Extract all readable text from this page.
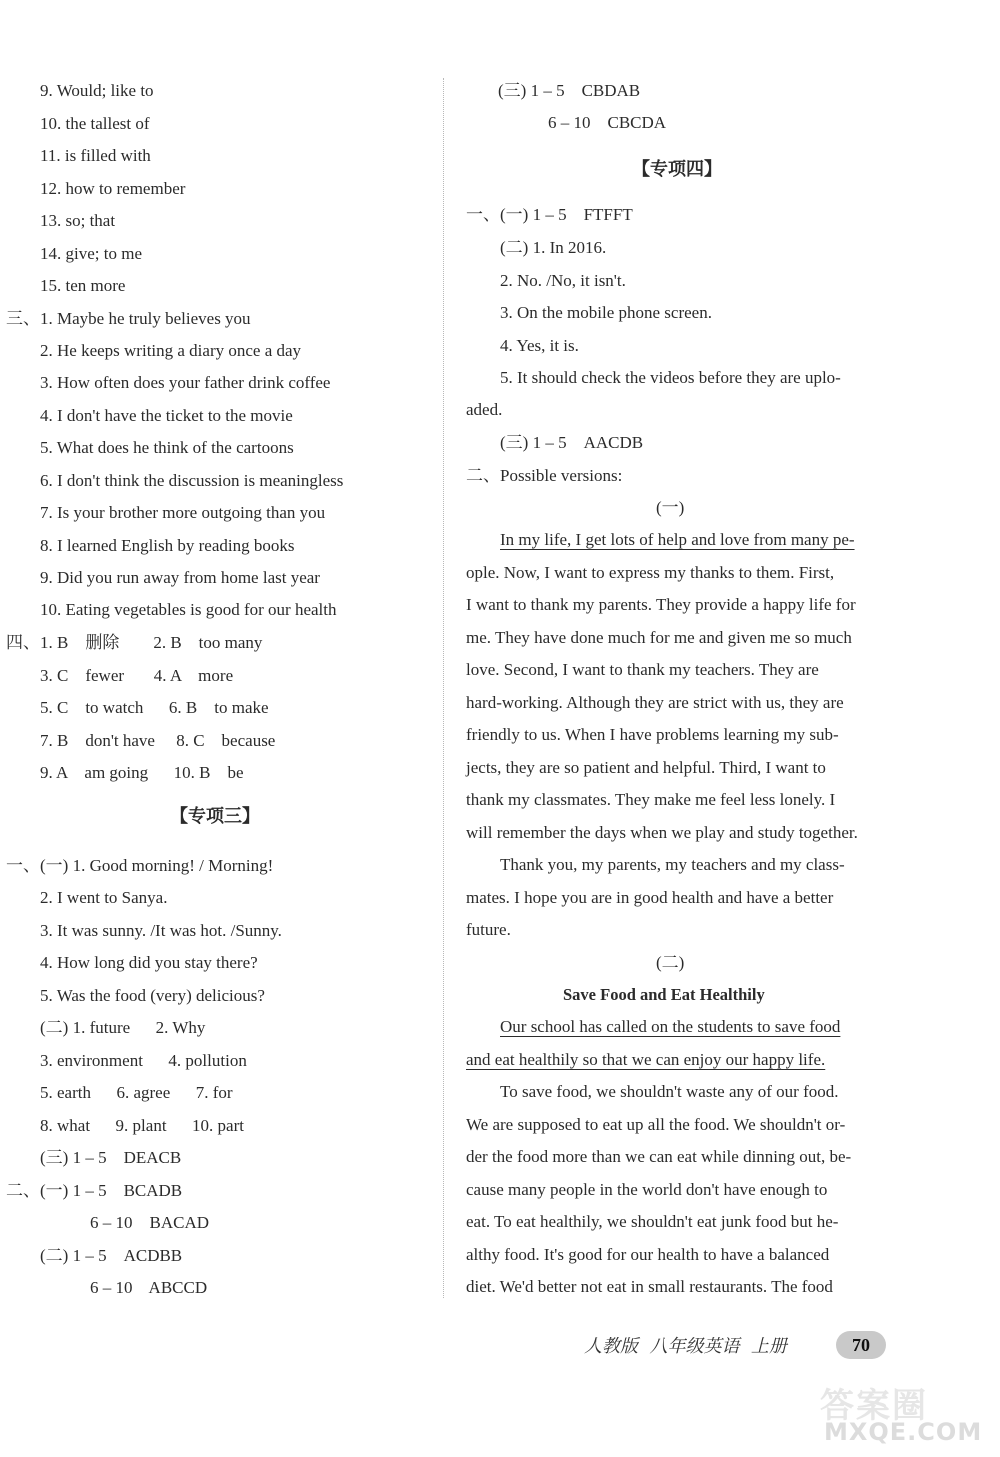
9. Would; like to
10. the tallest of
11. is filled with
12. how to remember
13. so; that
14. give; to me
15. ten more
三、1. Maybe he truly believes you
2. He keeps writing a diary once a day
3. How often does your father drink coffee
4. I don't have the ticket to the movie
5. What does he think of the cartoons
6. I don't think the discussion is meaningless
7. Is your brother more outgoing than you
8. I learned English by reading books
9. Did you run away from home last year
10. Eating vegetables is good for our health
四、1. B    删除        2. B    too many
3. C    fewer       4. A    more
5. C    to watch      6. B    to make
7. B    don't have     8. C    because
9. A    am going      10. B    be
【专项三】
一、(一) 1. Good morning! / Morning!
2. I went to Sanya.
3. It was sunny. /It was hot. /Sunny.
4. How long did you stay there?
5. Was the food (very) delicious?
(二) 1. future      2. Why
3. environment      4. pollution
5. earth      6. agree      7. for
8. what      9. plant      10. part
(三) 1 – 5    DEACB
二、(一) 1 – 5    BCADB
6 – 10    BACAD
(二) 1 – 5    ACDBB
6 – 10    ABCCD
(三) 1 – 5    CBDAB
6 – 10    CBCDA
【专项四】
一、(一) 1 – 5    FTFFT
(二) 1. In 2016.
2. No. /No, it isn't.
3. On the mobile phone screen.
4. Yes, it is.
5. It should check the videos before they are uplo-
aded.
(三) 1 – 5    AACDB
二、Possible versions:
(一)
In my life, I get lots of help and love from many pe-
ople. Now, I want to express my thanks to them. First,
I want to thank my parents. They provide a happy life for
me. They have done much for me and given me so much
love. Second, I want to thank my teachers. They are
hard-working. Although they are strict with us, they are
friendly to us. When I have problems learning my sub-
jects, they are so patient and helpful. Third, I want to
thank my classmates. They make me feel less lonely. I
will remember the days when we play and study together.
Thank you, my parents, my teachers and my class-
mates. I hope you are in good health and have a better
future.
(二)
Save Food and Eat Healthily
Our school has called on the students to save food
and eat healthily so that we can enjoy our happy life.
To save food, we shouldn't waste any of our food.
We are supposed to eat up all the food. We shouldn't or-
der the food more than we can eat while dinning out, be-
cause many people in the world don't have enough to
eat. To eat healthily, we shouldn't eat junk food but he-
althy food. It's good for our health to have a balanced
diet. We'd better not eat in small restaurants. The food
人教版  八年级英语  上册	70
答案圈
MXQE.COM
